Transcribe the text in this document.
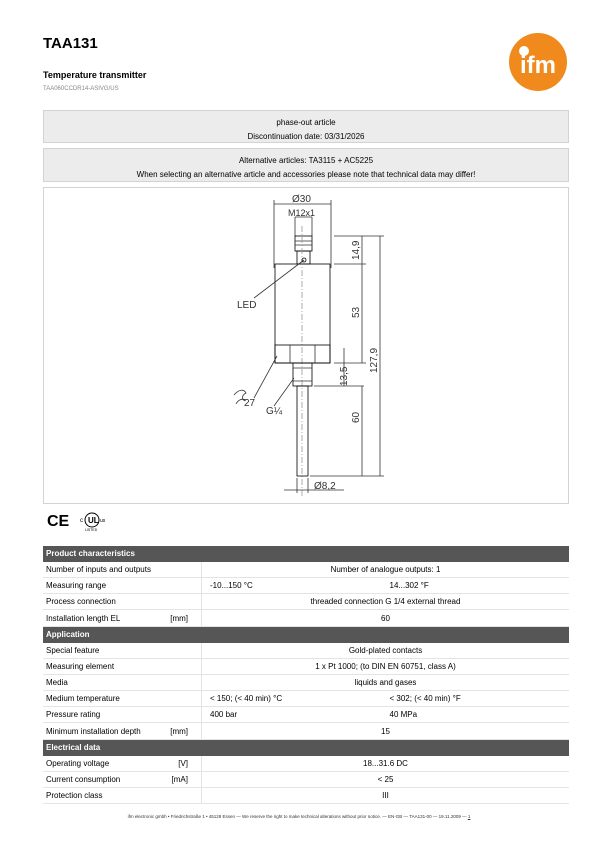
TAA131
Temperature transmitter
TAA060CCDR14-ASIVG/US
ifm
phase-out article
Discontinuation date: 03/31/2026
Alternative articles: TA3115 + AC5225
When selecting an alternative article and accessories please note that technical data may differ!
Ø30
M12x1
LED
14,9
53
13,5
60
127,9
27
G¼
Ø8,2
CE UL
c	us
LISTED
Product characteristics
Number of inputs and outputs	Number of analogue outputs: 1
Measuring range	-10...150 °C	14...302 °F
Process connection	threaded connection G 1/4 external thread
Installation length EL	[mm]	60
Application
Special feature	Gold-plated contacts
Measuring element	1 x Pt 1000; (to DIN EN 60751, class A)
Media	liquids and gases
Medium temperature	< 150; (< 40 min) °C	< 302; (< 40 min) °F
Pressure rating	400 bar	40 MPa
Minimum installation depth	[mm]	15
Electrical data
Operating voltage	[V]	18...31.6 DC
Current consumption	[mA]	< 25
Protection class	III
ifm electronic gmbh • Friedrichstraße 1 • 45128 Essen — We reserve the right to make technical alterations without prior notice. — EN-GB — TAA131-00 — 19.11.2009 — 1
